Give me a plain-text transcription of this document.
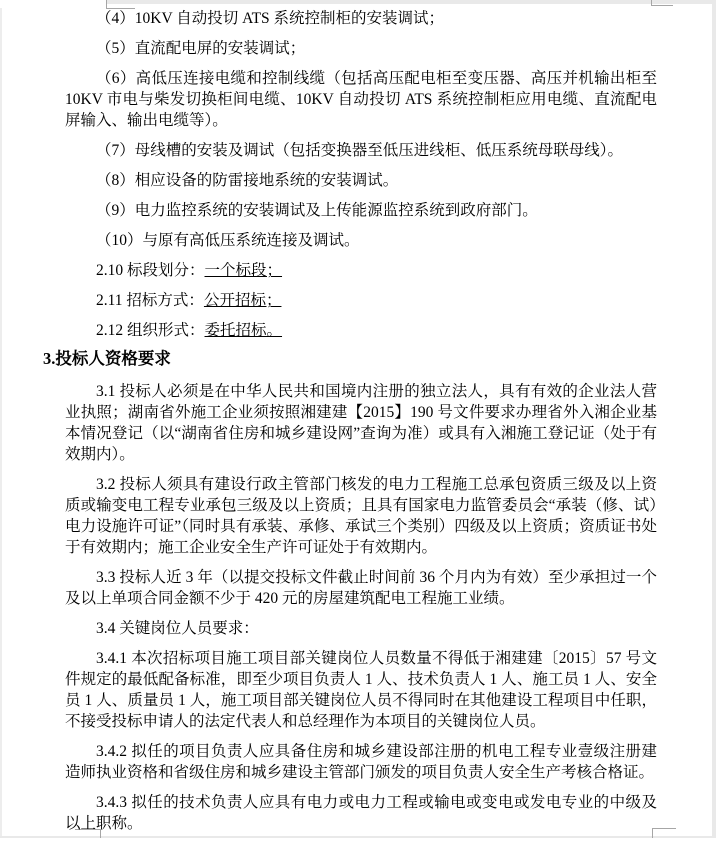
（4）10KV 自动投切 ATS 系统控制柜的安装调试；

（5）直流配电屏的安装调试；

（6）高低压连接电缆和控制线缆（包括高压配电柜至变压器、高压并机输出柜至 10KV 市电与柴发切换柜间电缆、10KV 自动投切 ATS 系统控制柜应用电缆、直流配电屏输入、输出电缆等）。

（7）母线槽的安装及调试（包括变换器至低压进线柜、低压系统母联母线）。

（8）相应设备的防雷接地系统的安装调试。

（9）电力监控系统的安装调试及上传能源监控系统到政府部门。

（10）与原有高低压系统连接及调试。

2.10 标段划分：一个标段；

2.11 招标方式：公开招标；

2.12 组织形式：委托招标。

3.投标人资格要求

3.1 投标人必须是在中华人民共和国境内注册的独立法人，具有有效的企业法人营业执照；湖南省外施工企业须按照湘建建【2015】190 号文件要求办理省外入湘企业基本情况登记（以“湖南省住房和城乡建设网”查询为准）或具有入湘施工登记证（处于有效期内）。

3.2 投标人须具有建设行政主管部门核发的电力工程施工总承包资质三级及以上资质或输变电工程专业承包三级及以上资质；且具有国家电力监管委员会“承装（修、试）电力设施许可证”（同时具有承装、承修、承试三个类别）四级及以上资质；资质证书处于有效期内；施工企业安全生产许可证处于有效期内。

3.3 投标人近 3 年（以提交投标文件截止时间前 36 个月内为有效）至少承担过一个及以上单项合同金额不少于 420 元的房屋建筑配电工程施工业绩。

3.4 关键岗位人员要求：

3.4.1 本次招标项目施工项目部关键岗位人员数量不得低于湘建建〔2015〕57 号文件规定的最低配备标准，即至少项目负责人 1 人、技术负责人 1 人、施工员 1 人、安全员 1 人、质量员 1 人，施工项目部关键岗位人员不得同时在其他建设工程项目中任职，不接受投标申请人的法定代表人和总经理作为本项目的关键岗位人员。

3.4.2 拟任的项目负责人应具备住房和城乡建设部注册的机电工程专业壹级注册建造师执业资格和省级住房和城乡建设主管部门颁发的项目负责人安全生产考核合格证。

3.4.3 拟任的技术负责人应具有电力或电力工程或输电或变电或发电专业的中级及以上职称。
